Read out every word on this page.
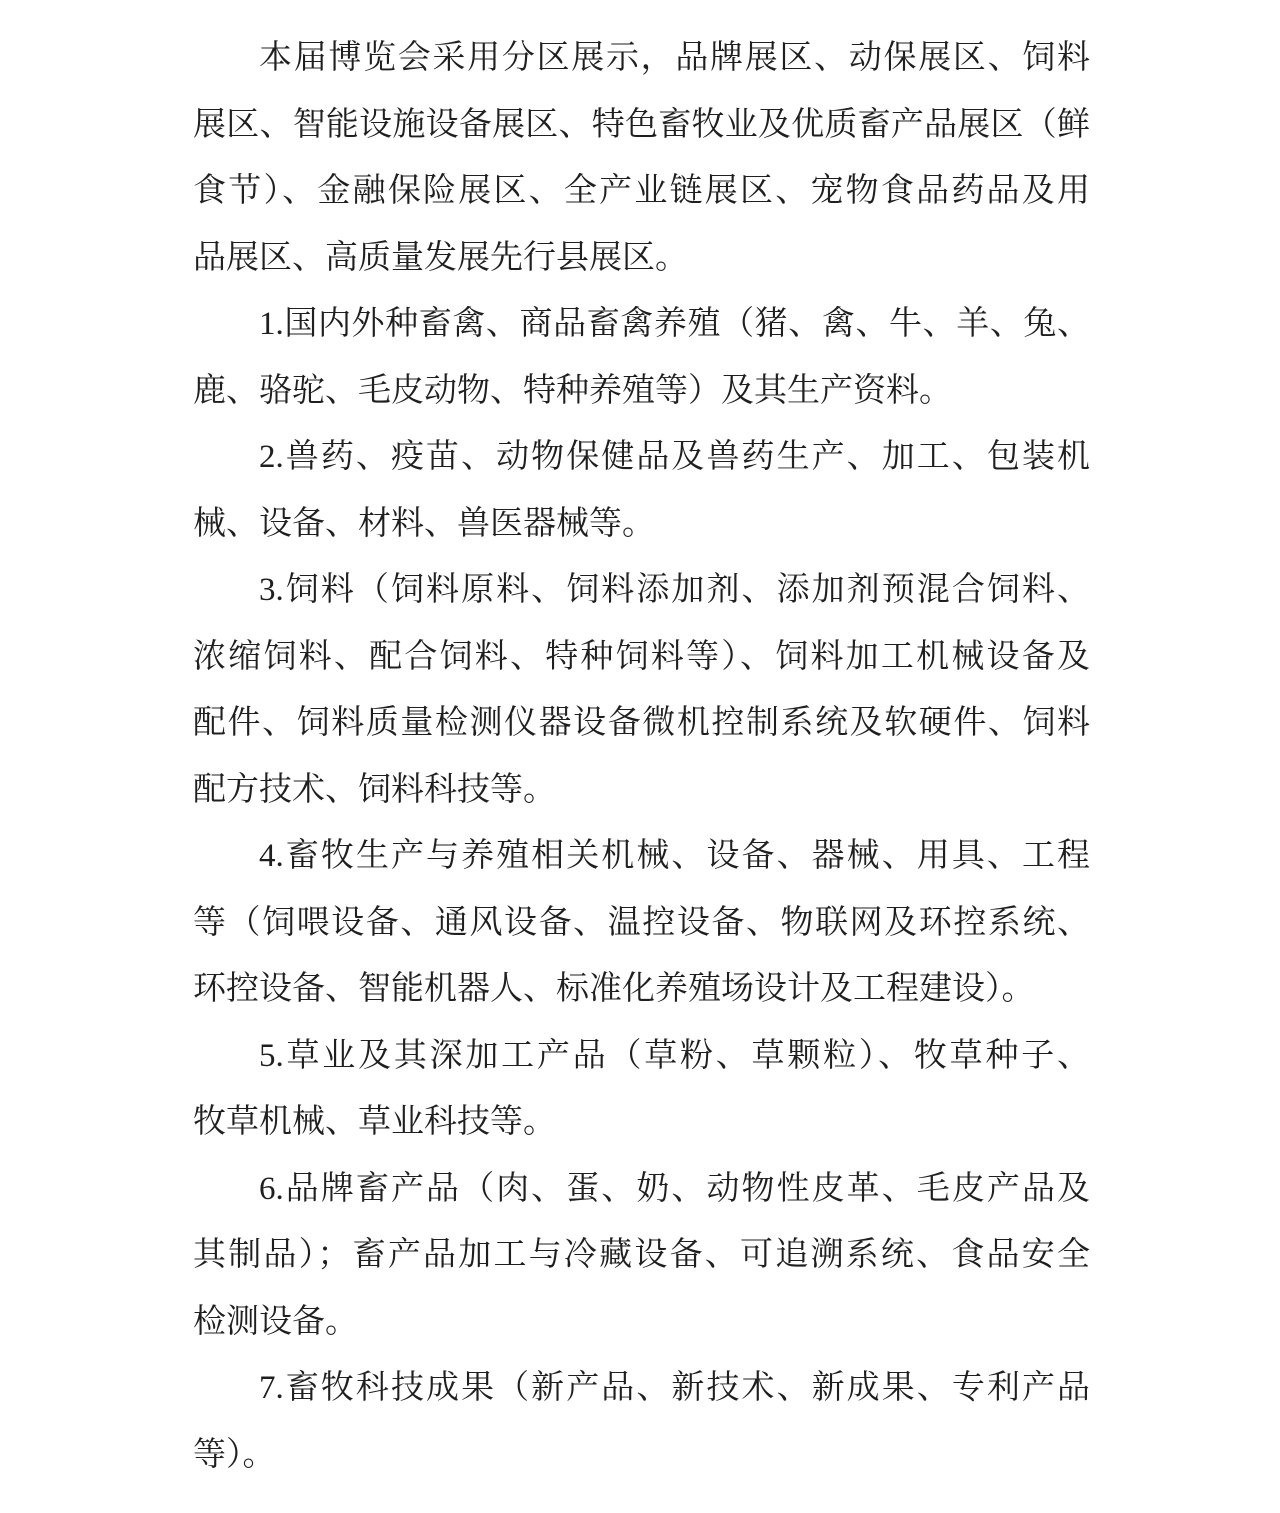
本届博览会采用分区展示，品牌展区、动保展区、饲料
展区、智能设施设备展区、特色畜牧业及优质畜产品展区（鲜
食节）、金融保险展区、全产业链展区、宠物食品药品及用
品展区、高质量发展先行县展区。

1.国内外种畜禽、商品畜禽养殖（猪、禽、牛、羊、兔、
鹿、骆驼、毛皮动物、特种养殖等）及其生产资料。

2.兽药、疫苗、动物保健品及兽药生产、加工、包装机
械、设备、材料、兽医器械等。

3.饲料（饲料原料、饲料添加剂、添加剂预混合饲料、
浓缩饲料、配合饲料、特种饲料等）、饲料加工机械设备及
配件、饲料质量检测仪器设备微机控制系统及软硬件、饲料
配方技术、饲料科技等。

4.畜牧生产与养殖相关机械、设备、器械、用具、工程
等（饲喂设备、通风设备、温控设备、物联网及环控系统、
环控设备、智能机器人、标准化养殖场设计及工程建设）。

5.草业及其深加工产品（草粉、草颗粒）、牧草种子、
牧草机械、草业科技等。

6.品牌畜产品（肉、蛋、奶、动物性皮革、毛皮产品及
其制品）；畜产品加工与冷藏设备、可追溯系统、食品安全
检测设备。

7.畜牧科技成果（新产品、新技术、新成果、专利产品
等）。
